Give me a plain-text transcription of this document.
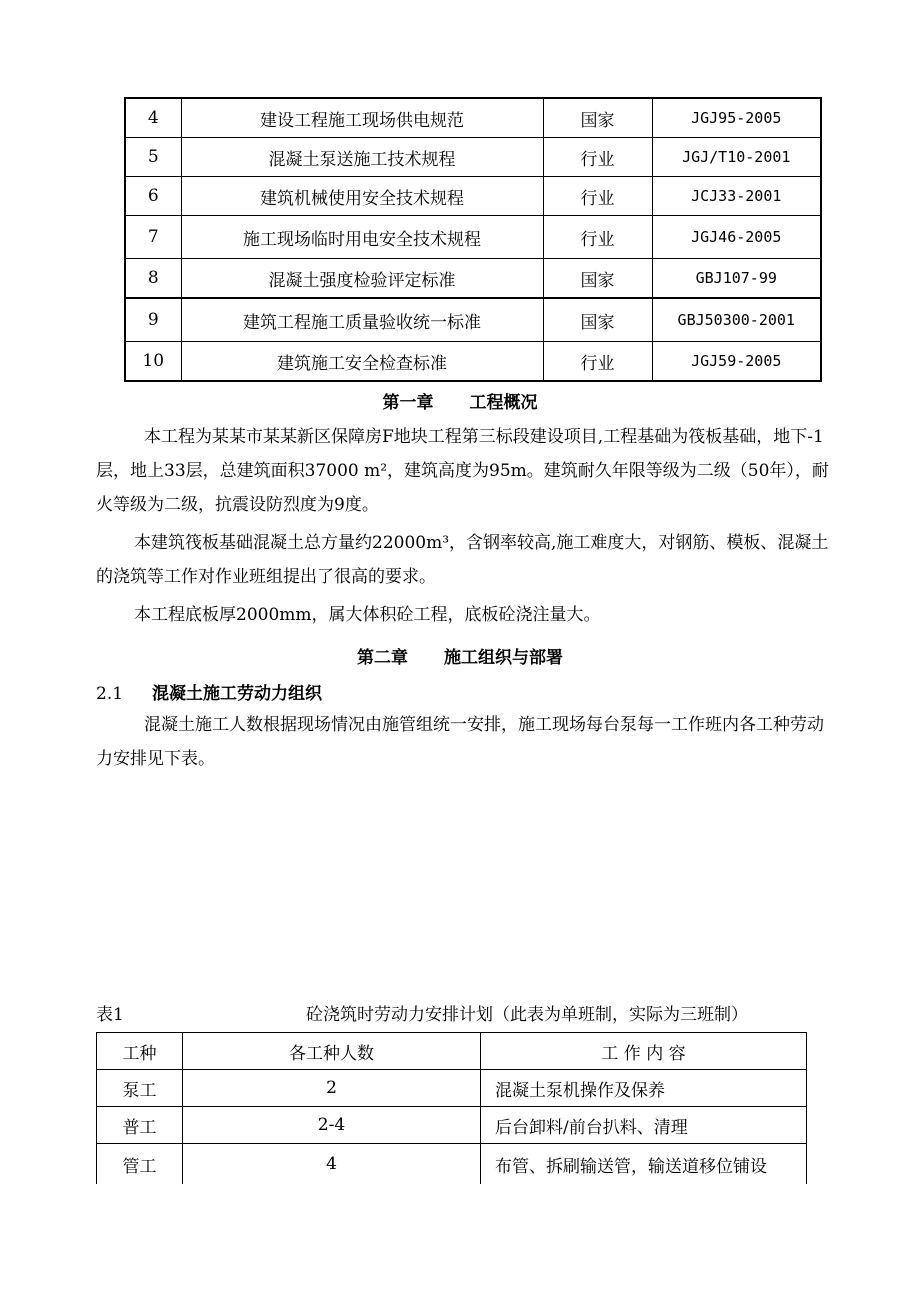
4	建设工程施工现场供电规范	国家	JGJ95-2005
5	混凝土泵送施工技术规程	行业	JGJ/T10-2001
6	建筑机械使用安全技术规程	行业	JCJ33-2001
7	施工现场临时用电安全技术规程	行业	JGJ46-2005
8	混凝土强度检验评定标准	国家	GBJ107-99
9	建筑工程施工质量验收统一标准	国家	GBJ50300-2001
10	建筑施工安全检查标准	行业	JGJ59-2005
第一章 工程概况
本工程为某某市某某新区保障房F地块工程第三标段建设项目,工程基础为筏板基础，地下-1层，地上33层，总建筑面积37000 m²，建筑高度为95m。建筑耐久年限等级为二级（50年），耐火等级为二级，抗震设防烈度为9度。
本建筑筏板基础混凝土总方量约22000m³，含钢率较高,施工难度大，对钢筋、模板、混凝土的浇筑等工作对作业班组提出了很高的要求。
本工程底板厚2000mm，属大体积砼工程，底板砼浇注量大。
第二章 施工组织与部署
2.1 混凝土施工劳动力组织
混凝土施工人数根据现场情况由施管组统一安排，施工现场每台泵每一工作班内各工种劳动力安排见下表。
表1	砼浇筑时劳动力安排计划（此表为单班制，实际为三班制）
工种	各工种人数	工 作 内 容
泵工	2	混凝土泵机操作及保养
普工	2-4	后台卸料/前台扒料、清理
管工	4	布管、拆刷输送管，输送道移位铺设
